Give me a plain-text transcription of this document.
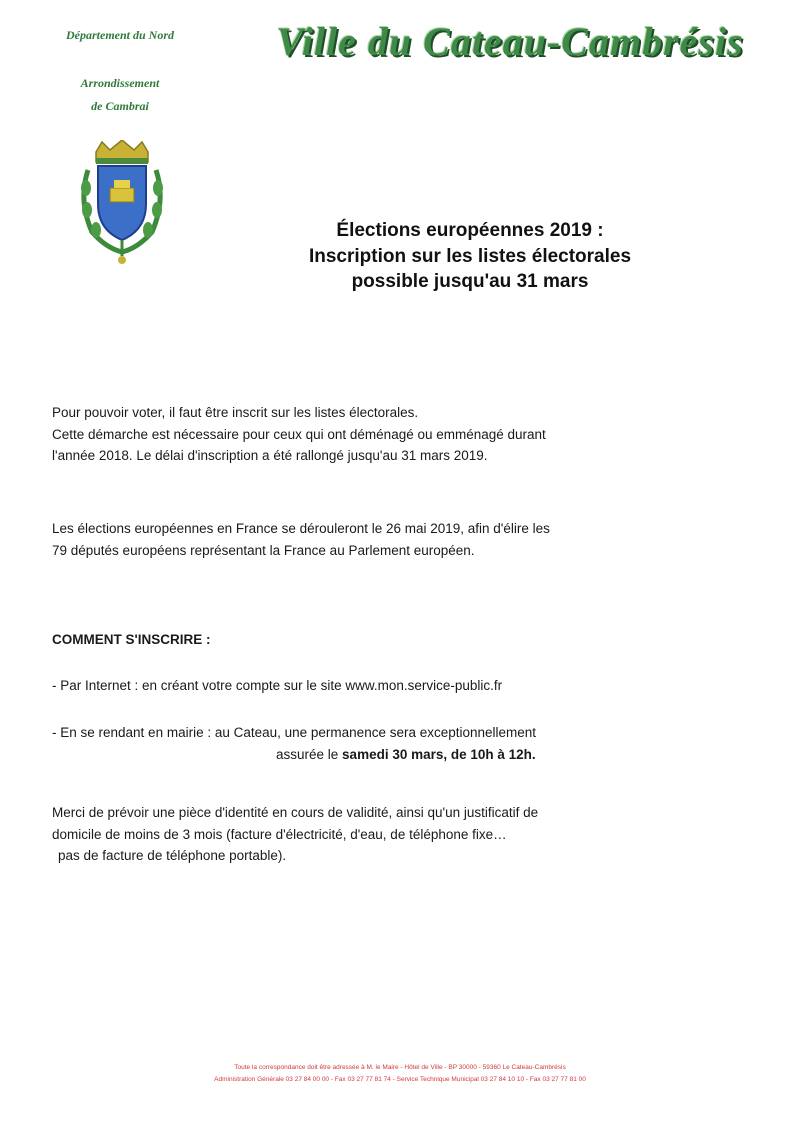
Département du Nord
Arrondissement
de Cambrai
Ville du Cateau-Cambrésis
Élections européennes 2019 :
Inscription sur les listes électorales
possible jusqu'au 31 mars

Pour pouvoir voter, il faut être inscrit sur les listes électorales.

Cette démarche est nécessaire pour ceux qui ont déménagé ou emménagé durant

l'année 2018. Le délai d'inscription a été rallongé jusqu'au 31 mars 2019.

Les élections européennes en France se dérouleront le 26 mai 2019, afin d'élire les

79 députés européens représentant la France au Parlement européen.

COMMENT S'INSCRIRE :
- Par Internet : en créant votre compte sur le site www.mon.service-public.fr
- En se rendant en mairie : au Cateau, une permanence sera exceptionnellement
assurée le samedi 30 mars, de 10h à 12h.

Merci de prévoir une pièce d'identité en cours de validité, ainsi qu'un justificatif de

domicile de moins de 3 mois (facture d'électricité, d'eau, de téléphone fixe…

pas de facture de téléphone portable).

Toute la correspondance doit être adressée à M. le Maire - Hôtel de Ville - BP 30000 - 59360 Le Cateau-Cambrésis
Administration Générale 03 27 84 00 00 - Fax 03 27 77 81 74 - Service Technique Municipal 03 27 84 10 10 - Fax 03 27 77 81 00
